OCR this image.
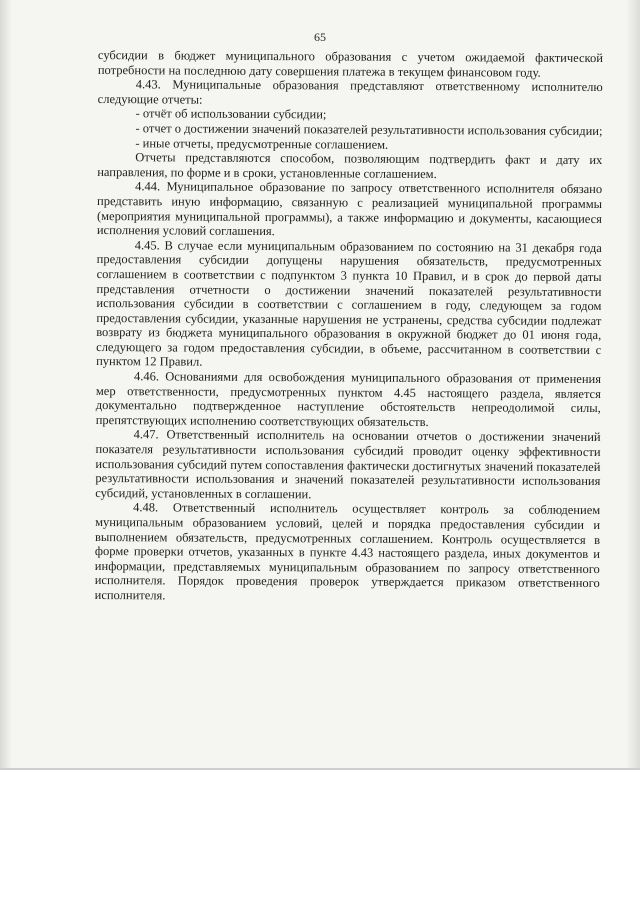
65

субсидии в бюджет муниципального образования с учетом ожидаемой фактической потребности на последнюю дату совершения платежа в текущем финансовом году.

4.43. Муниципальные образования представляют ответственному исполнителю следующие отчеты:

- отчёт об использовании субсидии;

- отчет о достижении значений показателей результативности использования субсидии;

- иные отчеты, предусмотренные соглашением.

Отчеты представляются способом, позволяющим подтвердить факт и дату их направления, по форме и в сроки, установленные соглашением.

4.44. Муниципальное образование по запросу ответственного исполнителя обязано представить иную информацию, связанную с реализацией муниципальной программы (мероприятия муниципальной программы), а также информацию и документы, касающиеся исполнения условий соглашения.

4.45. В случае если муниципальным образованием по состоянию на 31 декабря года предоставления субсидии допущены нарушения обязательств, предусмотренных соглашением в соответствии с подпунктом 3 пункта 10 Правил, и в срок до первой даты представления отчетности о достижении значений показателей результативности использования субсидии в соответствии с соглашением в году, следующем за годом предоставления субсидии, указанные нарушения не устранены, средства субсидии подлежат возврату из бюджета муниципального образования в окружной бюджет до 01 июня года, следующего за годом предоставления субсидии, в объеме, рассчитанном в соответствии с пунктом 12 Правил.

4.46. Основаниями для освобождения муниципального образования от применения мер ответственности, предусмотренных пунктом 4.45 настоящего раздела, является документально подтвержденное наступление обстоятельств непреодолимой силы, препятствующих исполнению соответствующих обязательств.

4.47. Ответственный исполнитель на основании отчетов о достижении значений показателя результативности использования субсидий проводит оценку эффективности использования субсидий путем сопоставления фактически достигнутых значений показателей результативности использования и значений показателей результативности использования субсидий, установленных в соглашении.

4.48. Ответственный исполнитель осуществляет контроль за соблюдением муниципальным образованием условий, целей и порядка предоставления субсидии и выполнением обязательств, предусмотренных соглашением. Контроль осуществляется в форме проверки отчетов, указанных в пункте 4.43 настоящего раздела, иных документов и информации, представляемых муниципальным образованием по запросу ответственного исполнителя. Порядок проведения проверок утверждается приказом ответственного исполнителя.
